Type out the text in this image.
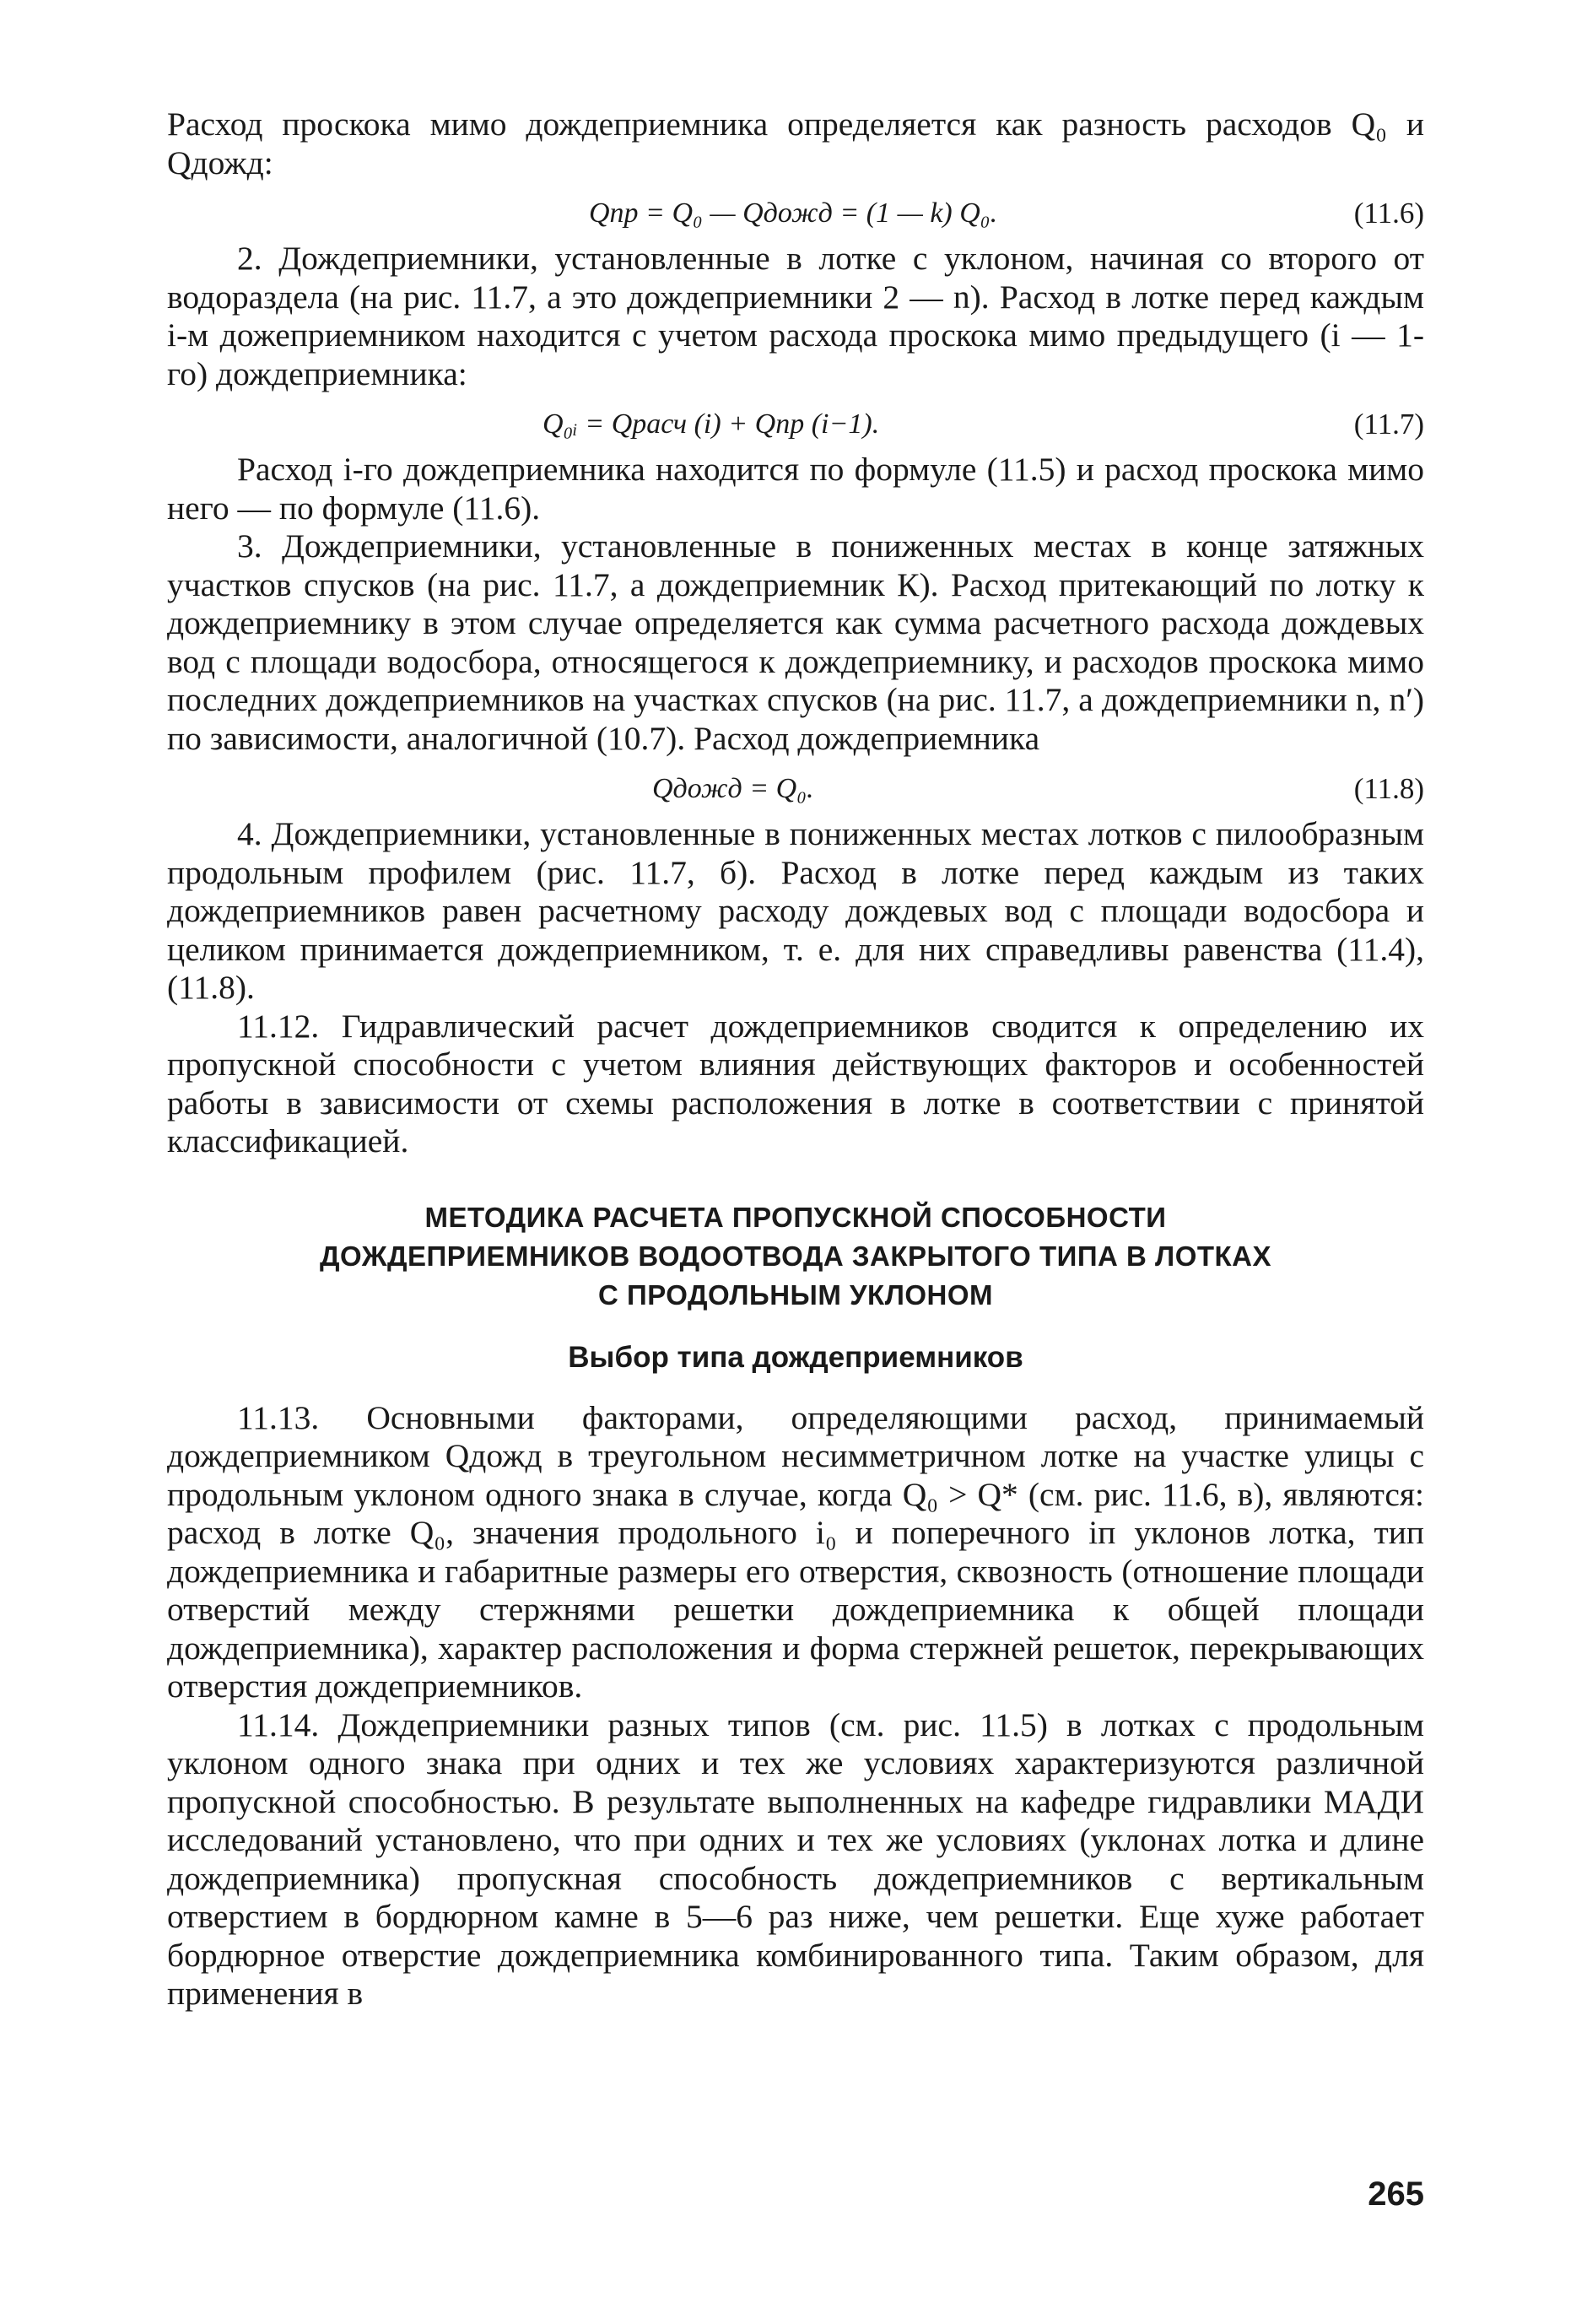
Расход проскока мимо дождеприемника определяется как разность расходов Q₀ и Qдожд:

Qпр = Q₀ — Qдожд = (1 — k) Q₀.	(11.6)

2. Дождеприемники, установленные в лотке с уклоном, начиная со второго от водораздела (на рис. 11.7, а это дождеприемники 2 — n). Расход в лотке перед каждым i-м дожеприемником находится с учетом расхода проскока мимо предыдущего (i — 1-го) дождеприемника:

Q₀ᵢ = Qрасч (i) + Qпр (i−1).	(11.7)

Расход i-го дождеприемника находится по формуле (11.5) и расход проскока мимо него — по формуле (11.6).

3. Дождеприемники, установленные в пониженных местах в конце затяжных участков спусков (на рис. 11.7, а дождеприемник К). Расход притекающий по лотку к дождеприемнику в этом случае определяется как сумма расчетного расхода дождевых вод с площади водосбора, относящегося к дождеприемнику, и расходов проскока мимо последних дождеприемников на участках спусков (на рис. 11.7, а дождеприемники n, n′) по зависимости, аналогичной (10.7). Расход дождеприемника

Qдожд = Q₀.	(11.8)

4. Дождеприемники, установленные в пониженных местах лотков с пилообразным продольным профилем (рис. 11.7, б). Расход в лотке перед каждым из таких дождеприемников равен расчетному расходу дождевых вод с площади водосбора и целиком принимается дождеприемником, т. е. для них справедливы равенства (11.4), (11.8).

11.12. Гидравлический расчет дождеприемников сводится к определению их пропускной способности с учетом влияния действующих факторов и особенностей работы в зависимости от схемы расположения в лотке в соответствии с принятой классификацией.

МЕТОДИКА РАСЧЕТА ПРОПУСКНОЙ СПОСОБНОСТИ
ДОЖДЕПРИЕМНИКОВ ВОДООТВОДА ЗАКРЫТОГО ТИПА В ЛОТКАХ
С ПРОДОЛЬНЫМ УКЛОНОМ
Выбор типа дождеприемников

11.13. Основными факторами, определяющими расход, принимаемый дождеприемником Qдожд в треугольном несимметричном лотке на участке улицы с продольным уклоном одного знака в случае, когда Q₀ > Q* (см. рис. 11.6, в), являются: расход в лотке Q₀, значения продольного i₀ и поперечного iп уклонов лотка, тип дождеприемника и габаритные размеры его отверстия, сквозность (отношение площади отверстий между стержнями решетки дождеприемника к общей площади дождеприемника), характер расположения и форма стержней решеток, перекрывающих отверстия дождеприемников.

11.14. Дождеприемники разных типов (см. рис. 11.5) в лотках с продольным уклоном одного знака при одних и тех же условиях характеризуются различной пропускной способностью. В результате выполненных на кафедре гидравлики МАДИ исследований установлено, что при одних и тех же условиях (уклонах лотка и длине дождеприемника) пропускная способность дождеприемников с вертикальным отверстием в бордюрном камне в 5—6 раз ниже, чем решетки. Еще хуже работает бордюрное отверстие дождеприемника комбинированного типа. Таким образом, для применения в

265
